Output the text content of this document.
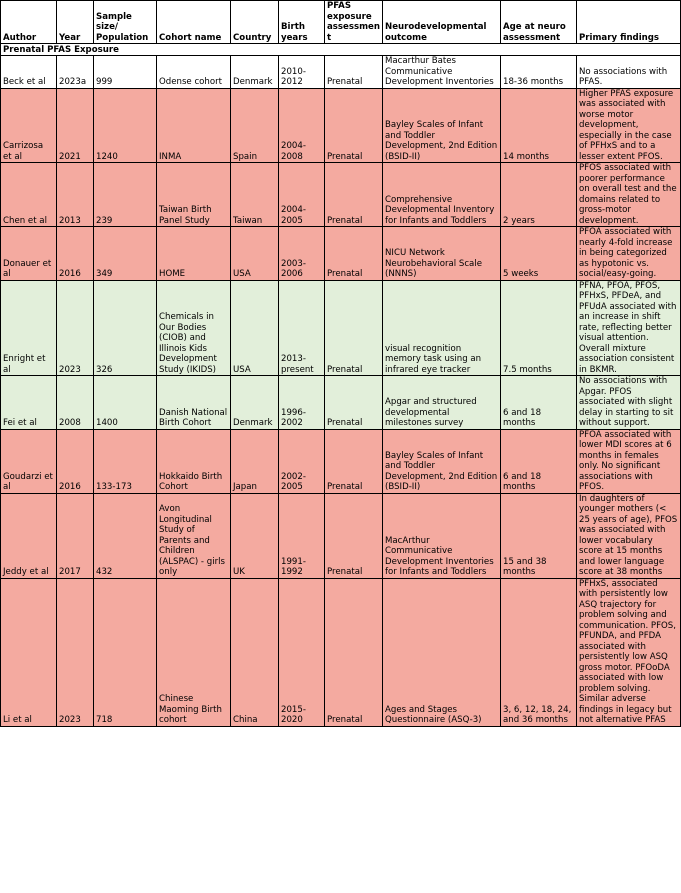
Author	Year	Sample size/ Population	Cohort name	Country	Birth years	PFAS exposure assessment	Neurodevelopmental outcome	Age at neuro assessment	Primary findings
Prenatal PFAS Exposure									
Beck et al	2023a	999	Odense cohort	Denmark	2010-2012	Prenatal	Macarthur Bates Communicative Development Inventories	18-36 months	No associations with PFAS.
Carrizosa et al	2021	1240	INMA	Spain	2004-2008	Prenatal	Bayley Scales of Infant and Toddler Development, 2nd Edition (BSID-II)	14 months	Higher PFAS exposure was associated with worse motor development, especially in the case of PFHxS and to a lesser extent PFOS.
Chen et al	2013	239	Taiwan Birth Panel Study	Taiwan	2004-2005	Prenatal	Comprehensive Developmental Inventory for Infants and Toddlers	2 years	PFOS associated with poorer performance on overall test and the domains related to gross-motor development.
Donauer et al	2016	349	HOME	USA	2003-2006	Prenatal	NICU Network Neurobehavioral Scale (NNNS)	5 weeks	PFOA associated with nearly 4-fold increase in being categorized as hypotonic vs. social/easy-going.
Enright et al	2023	326	Chemicals in Our Bodies (CIOB) and Illinois Kids Development Study (IKIDS)	USA	2013-present	Prenatal	visual recognition memory task using an infrared eye tracker	7.5 months	PFNA, PFOA, PFOS, PFHxS, PFDeA, and PFUdA associated with an increase in shift rate, reflecting better visual attention. Overall mixture association consistent in BKMR.
Fei et al	2008	1400	Danish National Birth Cohort	Denmark	1996-2002	Prenatal	Apgar and structured developmental milestones survey	6 and 18 months	No associations with Apgar. PFOS associated with slight delay in starting to sit without support.
Goudarzi et al	2016	133-173	Hokkaido Birth Cohort	Japan	2002-2005	Prenatal	Bayley Scales of Infant and Toddler Development, 2nd Edition (BSID-II)	6 and 18 months	PFOA associated with lower MDI scores at 6 months in females only. No significant associations with PFOS.
Jeddy et al	2017	432	Avon Longitudinal Study of Parents and Children (ALSPAC) - girls only	UK	1991-1992	Prenatal	MacArthur Communicative Development Inventories for Infants and Toddlers	15 and 38 months	In daughters of younger mothers (< 25 years of age), PFOS was associated with lower vocabulary score at 15 months and lower language score at 38 months
Li et al	2023	718	Chinese Maoming Birth cohort	China	2015-2020	Prenatal	Ages and Stages Questionnaire (ASQ-3)	3, 6, 12, 18, 24, and 36 months	PFHxS, associated with persistently low ASQ trajectory for problem solving and communication. PFOS, PFUNDA, and PFDA associated with persistently low ASQ gross motor. PFOoDA associated with low problem solving. Similar adverse findings in legacy but not alternative PFAS
